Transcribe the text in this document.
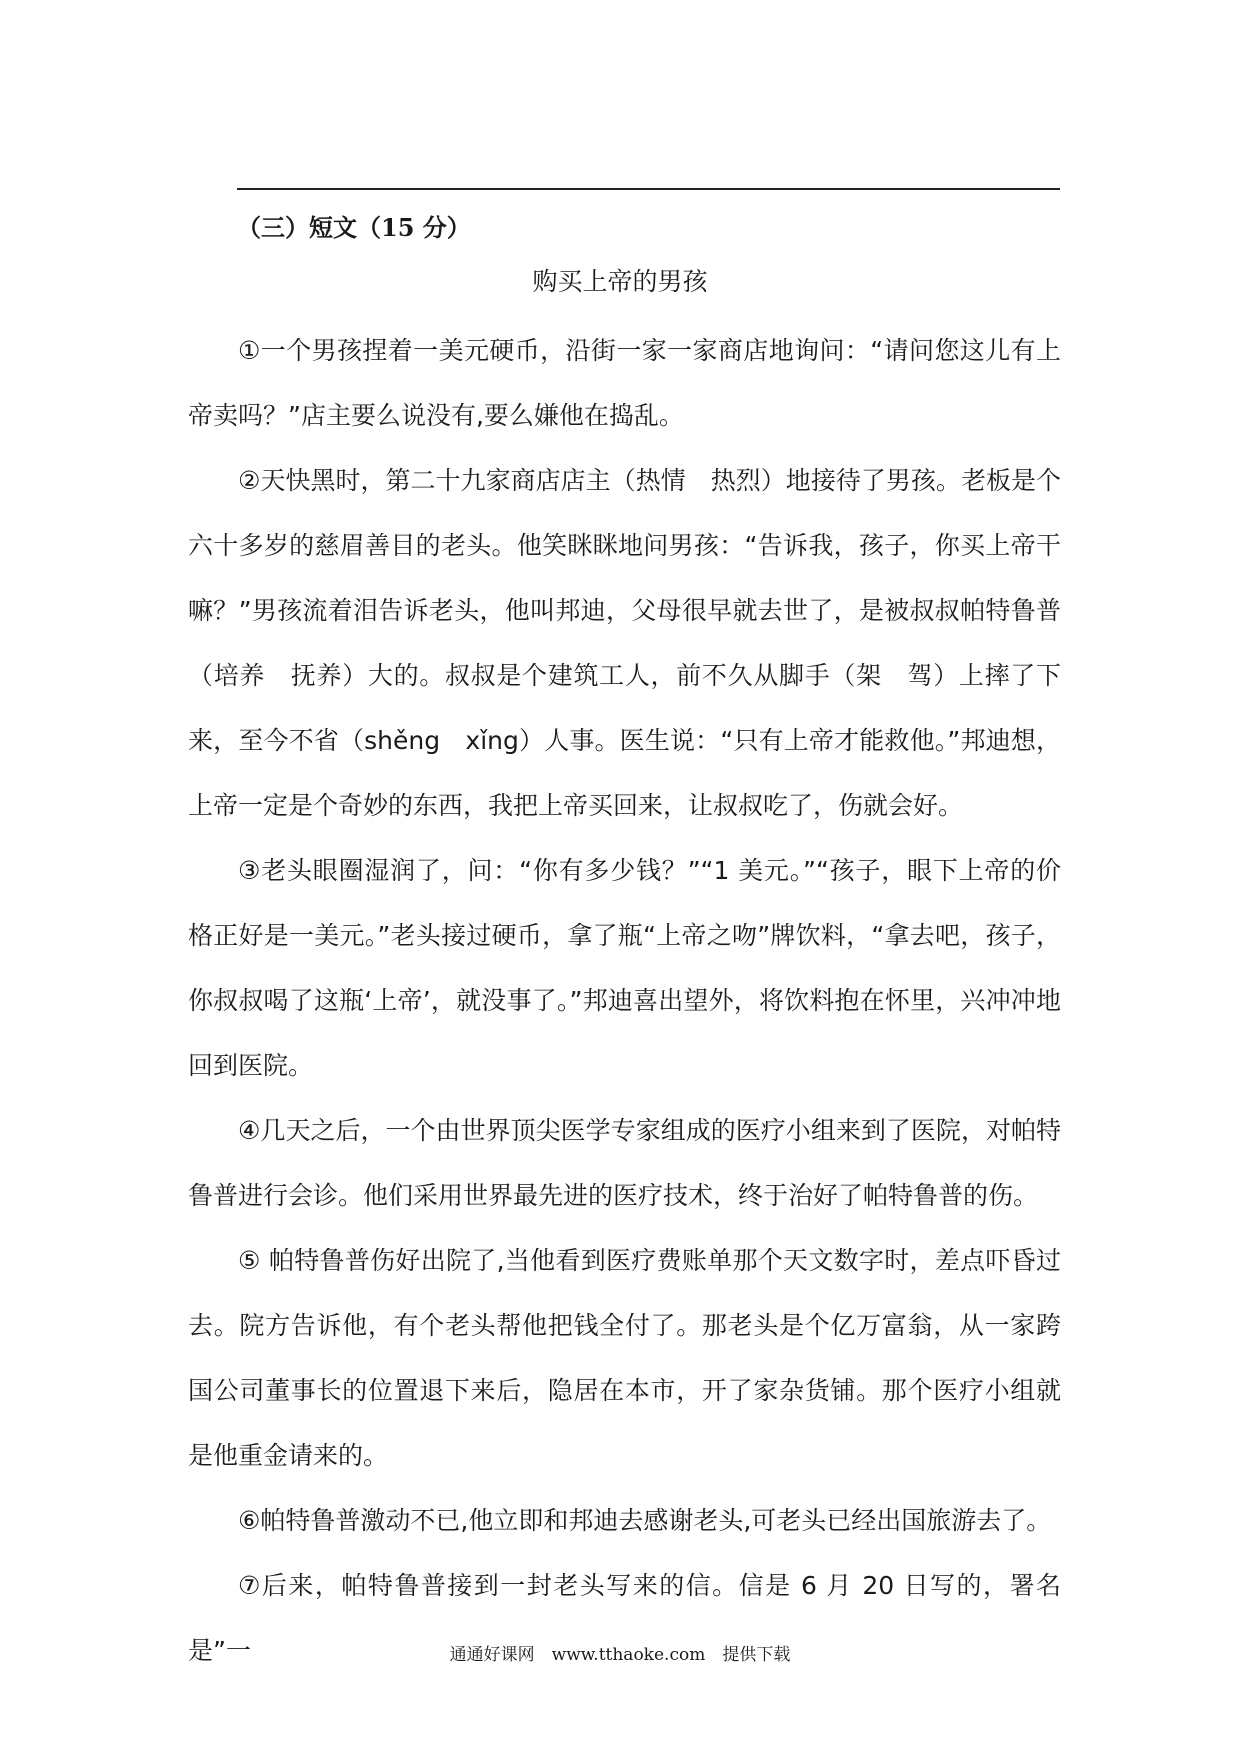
（三）短文（15 分）
购买上帝的男孩

①一个男孩捏着一美元硬币，沿街一家一家商店地询问：“请问您这儿有上帝卖吗？”店主要么说没有,要么嫌他在捣乱。

②天快黑时，第二十九家商店店主（热情　热烈）地接待了男孩。老板是个六十多岁的慈眉善目的老头。他笑眯眯地问男孩：“告诉我，孩子，你买上帝干嘛？”男孩流着泪告诉老头，他叫邦迪，父母很早就去世了，是被叔叔帕特鲁普（培养　抚养）大的。叔叔是个建筑工人，前不久从脚手（架　驾）上摔了下来，至今不省（shěng　xǐng）人事。医生说：“只有上帝才能救他。”邦迪想，上帝一定是个奇妙的东西，我把上帝买回来，让叔叔吃了，伤就会好。

③老头眼圈湿润了，问：“你有多少钱？”“1 美元。”“孩子，眼下上帝的价格正好是一美元。”老头接过硬币，拿了瓶“上帝之吻”牌饮料，“拿去吧，孩子，你叔叔喝了这瓶‘上帝’，就没事了。”邦迪喜出望外，将饮料抱在怀里，兴冲冲地回到医院。

④几天之后，一个由世界顶尖医学专家组成的医疗小组来到了医院，对帕特鲁普进行会诊。他们采用世界最先进的医疗技术，终于治好了帕特鲁普的伤。

⑤ 帕特鲁普伤好出院了,当他看到医疗费账单那个天文数字时，差点吓昏过去。院方告诉他，有个老头帮他把钱全付了。那老头是个亿万富翁，从一家跨国公司董事长的位置退下来后，隐居在本市，开了家杂货铺。那个医疗小组就是他重金请来的。

⑥帕特鲁普激动不已,他立即和邦迪去感谢老头,可老头已经出国旅游去了。

⑦后来，帕特鲁普接到一封老头写来的信。信是 6 月 20 日写的，署名是”一	通通好课网　www.tthaoke.com　提供下载
